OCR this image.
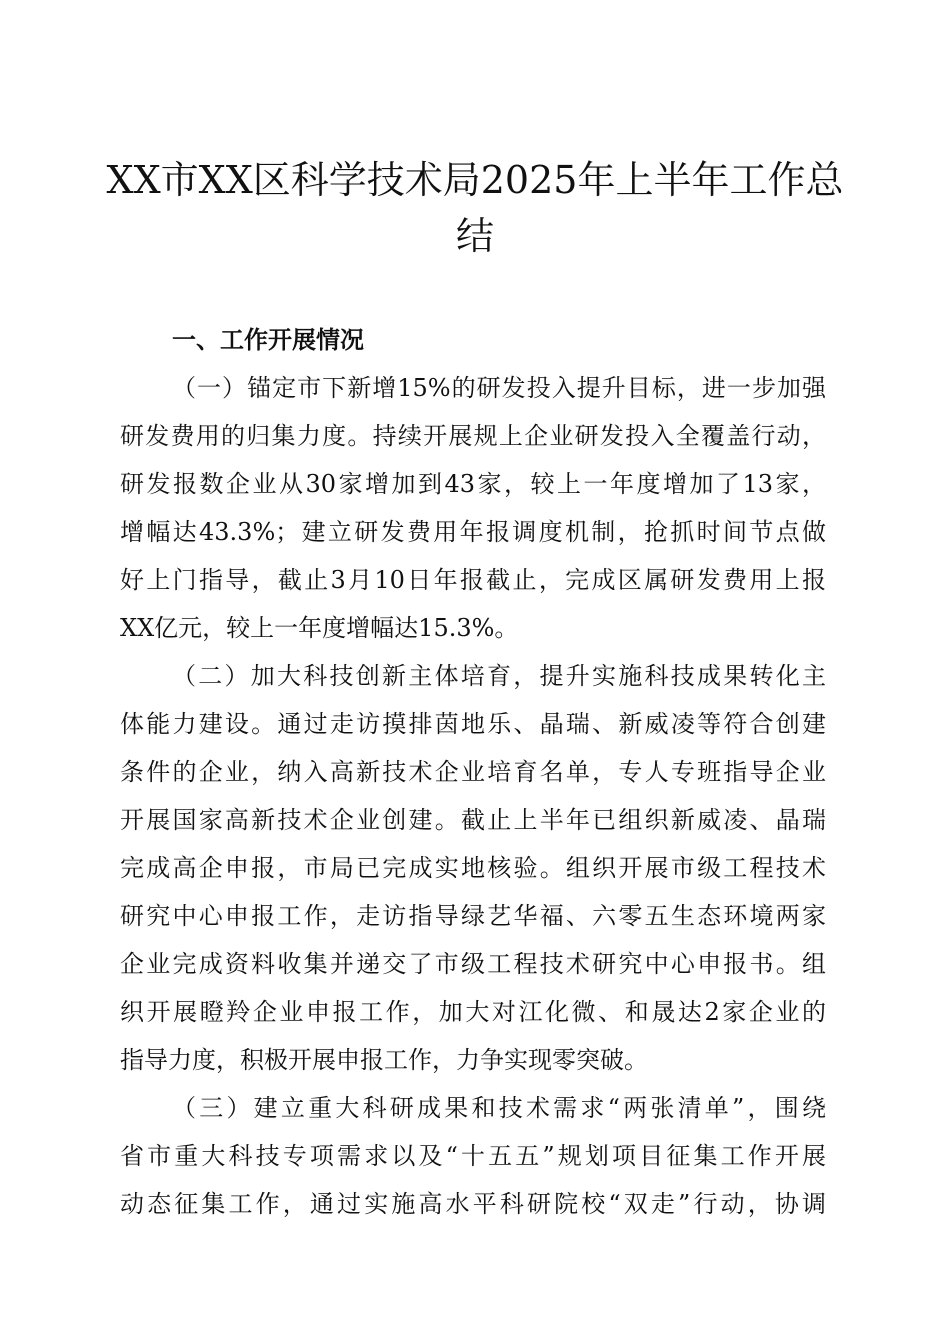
XX市XX区科学技术局2025年上半年工作总
结
一、工作开展情况

（一）锚定市下新增15%的研发投入提升目标，进一步加强
研发费用的归集力度。持续开展规上企业研发投入全覆盖行动，
研发报数企业从30家增加到43家，较上一年度增加了13家，
增幅达43.3%；建立研发费用年报调度机制，抢抓时间节点做
好上门指导，截止3月10日年报截止，完成区属研发费用上报
XX亿元，较上一年度增幅达15.3%。

（二）加大科技创新主体培育，提升实施科技成果转化主
体能力建设。通过走访摸排茵地乐、晶瑞、新威凌等符合创建
条件的企业，纳入高新技术企业培育名单，专人专班指导企业
开展国家高新技术企业创建。截止上半年已组织新威凌、晶瑞
完成高企申报，市局已完成实地核验。组织开展市级工程技术
研究中心申报工作，走访指导绿艺华福、六零五生态环境两家
企业完成资料收集并递交了市级工程技术研究中心申报书。组
织开展瞪羚企业申报工作，加大对江化微、和晟达2家企业的
指导力度，积极开展申报工作，力争实现零突破。

（三）建立重大科研成果和技术需求“两张清单”，围绕
省市重大科技专项需求以及“十五五”规划项目征集工作开展
动态征集工作，通过实施高水平科研院校“双走”行动，协调
